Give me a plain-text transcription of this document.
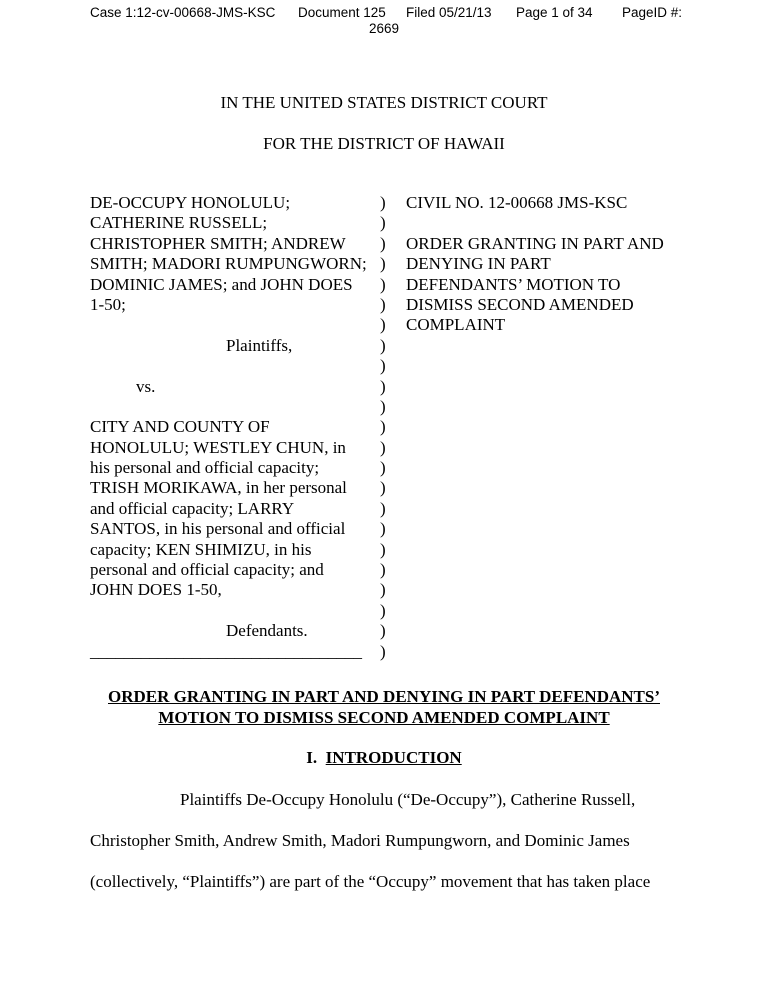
Case 1:12-cv-00668-JMS-KSC Document 125 Filed 05/21/13 Page 1 of 34 PageID #:
2669
IN THE UNITED STATES DISTRICT COURT
FOR THE DISTRICT OF HAWAII
DE-OCCUPY HONOLULU;
CATHERINE RUSSELL;
CHRISTOPHER SMITH; ANDREW
SMITH; MADORI RUMPUNGWORN;
DOMINIC JAMES; and JOHN DOES
1-50;
Plaintiffs,
vs.
CITY AND COUNTY OF
HONOLULU; WESTLEY CHUN, in
his personal and official capacity;
TRISH MORIKAWA, in her personal
and official capacity; LARRY
SANTOS, in his personal and official
capacity; KEN SHIMIZU, in his
personal and official capacity; and
JOHN DOES 1-50,
Defendants.
________________________________
)
)
)
)
)
)
)
)
)
)
)
)
)
)
)
)
)
)
)
)
)
)
)
CIVIL NO. 12-00668 JMS-KSC
ORDER GRANTING IN PART AND
DENYING IN PART
DEFENDANTS’ MOTION TO
DISMISS SECOND AMENDED
COMPLAINT
ORDER GRANTING IN PART AND DENYING IN PART DEFENDANTS’
MOTION TO DISMISS SECOND AMENDED COMPLAINT
I. INTRODUCTION
Plaintiffs De-Occupy Honolulu (“De-Occupy”), Catherine Russell,
Christopher Smith, Andrew Smith, Madori Rumpungworn, and Dominic James
(collectively, “Plaintiffs”) are part of the “Occupy” movement that has taken place
